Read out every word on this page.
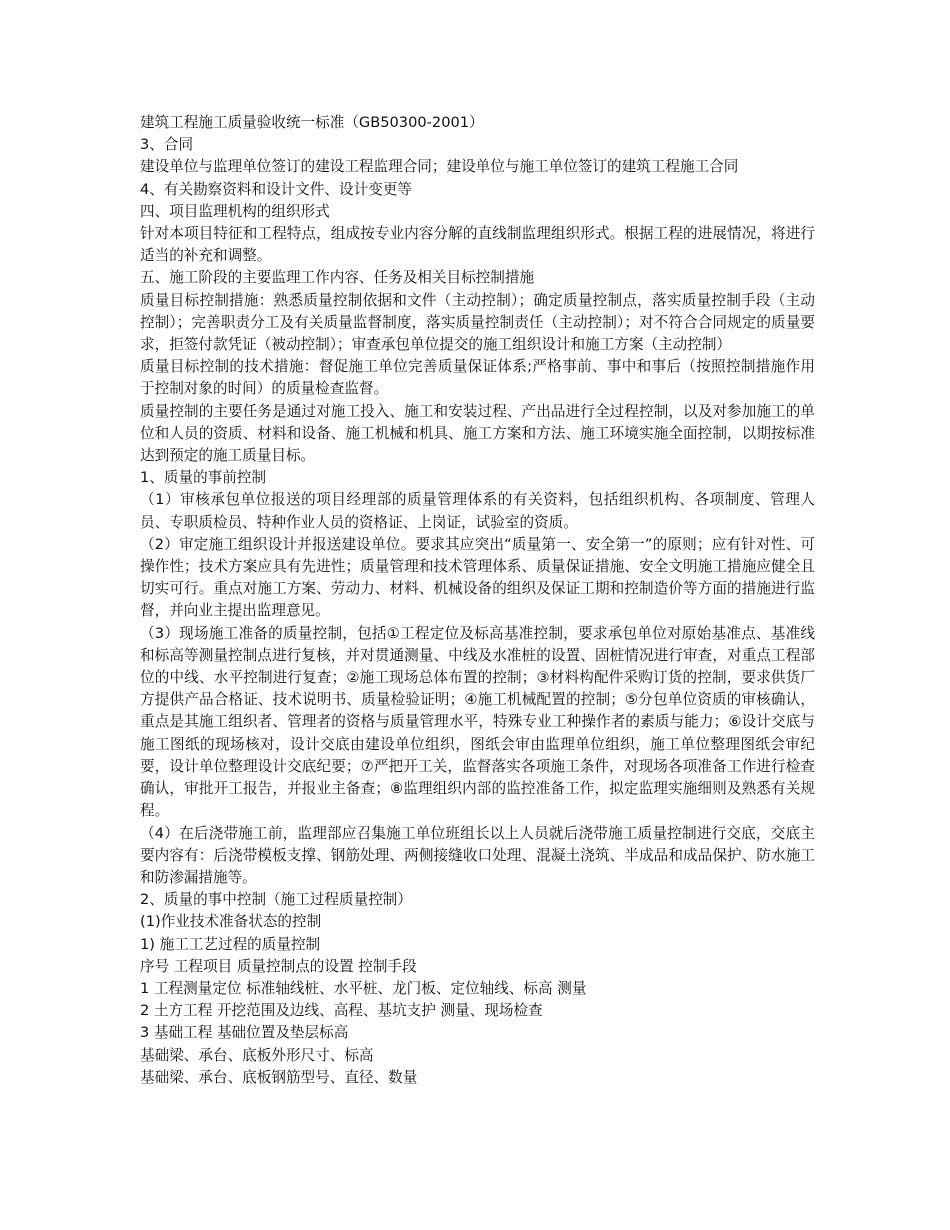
建筑工程施工质量验收统一标准（GB50300-2001）
3、合同
建设单位与监理单位签订的建设工程监理合同；建设单位与施工单位签订的建筑工程施工合同
4、有关勘察资料和设计文件、设计变更等
四、项目监理机构的组织形式

针对本项目特征和工程特点，组成按专业内容分解的直线制监理组织形式。根据工程的进展情况，将进行适当的补充和调整。

五、施工阶段的主要监理工作内容、任务及相关目标控制措施

质量目标控制措施：熟悉质量控制依据和文件（主动控制）；确定质量控制点，落实质量控制手段（主动控制）；完善职责分工及有关质量监督制度，落实质量控制责任（主动控制）；对不符合合同规定的质量要求，拒签付款凭证（被动控制）；审查承包单位提交的施工组织设计和施工方案（主动控制）

质量目标控制的技术措施：督促施工单位完善质量保证体系;严格事前、事中和事后（按照控制措施作用于控制对象的时间）的质量检查监督。

质量控制的主要任务是通过对施工投入、施工和安装过程、产出品进行全过程控制，以及对参加施工的单位和人员的资质、材料和设备、施工机械和机具、施工方案和方法、施工环境实施全面控制，以期按标准达到预定的施工质量目标。

1、质量的事前控制

（1）审核承包单位报送的项目经理部的质量管理体系的有关资料，包括组织机构、各项制度、管理人员、专职质检员、特种作业人员的资格证、上岗证，试验室的资质。

（2）审定施工组织设计并报送建设单位。要求其应突出“质量第一、安全第一”的原则；应有针对性、可操作性；技术方案应具有先进性；质量管理和技术管理体系、质量保证措施、安全文明施工措施应健全且切实可行。重点对施工方案、劳动力、材料、机械设备的组织及保证工期和控制造价等方面的措施进行监督，并向业主提出监理意见。

（3）现场施工准备的质量控制，包括①工程定位及标高基准控制，要求承包单位对原始基准点、基准线和标高等测量控制点进行复核，并对贯通测量、中线及水准桩的设置、固桩情况进行审查，对重点工程部位的中线、水平控制进行复查；②施工现场总体布置的控制；③材料构配件采购订货的控制，要求供货厂方提供产品合格证、技术说明书、质量检验证明；④施工机械配置的控制；⑤分包单位资质的审核确认，重点是其施工组织者、管理者的资格与质量管理水平，特殊专业工种操作者的素质与能力；⑥设计交底与施工图纸的现场核对，设计交底由建设单位组织，图纸会审由监理单位组织，施工单位整理图纸会审纪要，设计单位整理设计交底纪要；⑦严把开工关，监督落实各项施工条件，对现场各项准备工作进行检查确认，审批开工报告，并报业主备查；⑧监理组织内部的监控准备工作，拟定监理实施细则及熟悉有关规程。

（4）在后浇带施工前，监理部应召集施工单位班组长以上人员就后浇带施工质量控制进行交底，交底主要内容有：后浇带模板支撑、钢筋处理、两侧接缝收口处理、混凝土浇筑、半成品和成品保护、防水施工和防渗漏措施等。

2、质量的事中控制（施工过程质量控制）
(1)作业技术准备状态的控制
1) 施工工艺过程的质量控制
序号 工程项目 质量控制点的设置 控制手段
1 工程测量定位 标准轴线桩、水平桩、龙门板、定位轴线、标高 测量
2 土方工程 开挖范围及边线、高程、基坑支护 测量、现场检查
3 基础工程 基础位置及垫层标高
基础梁、承台、底板外形尺寸、标高
基础梁、承台、底板钢筋型号、直径、数量
